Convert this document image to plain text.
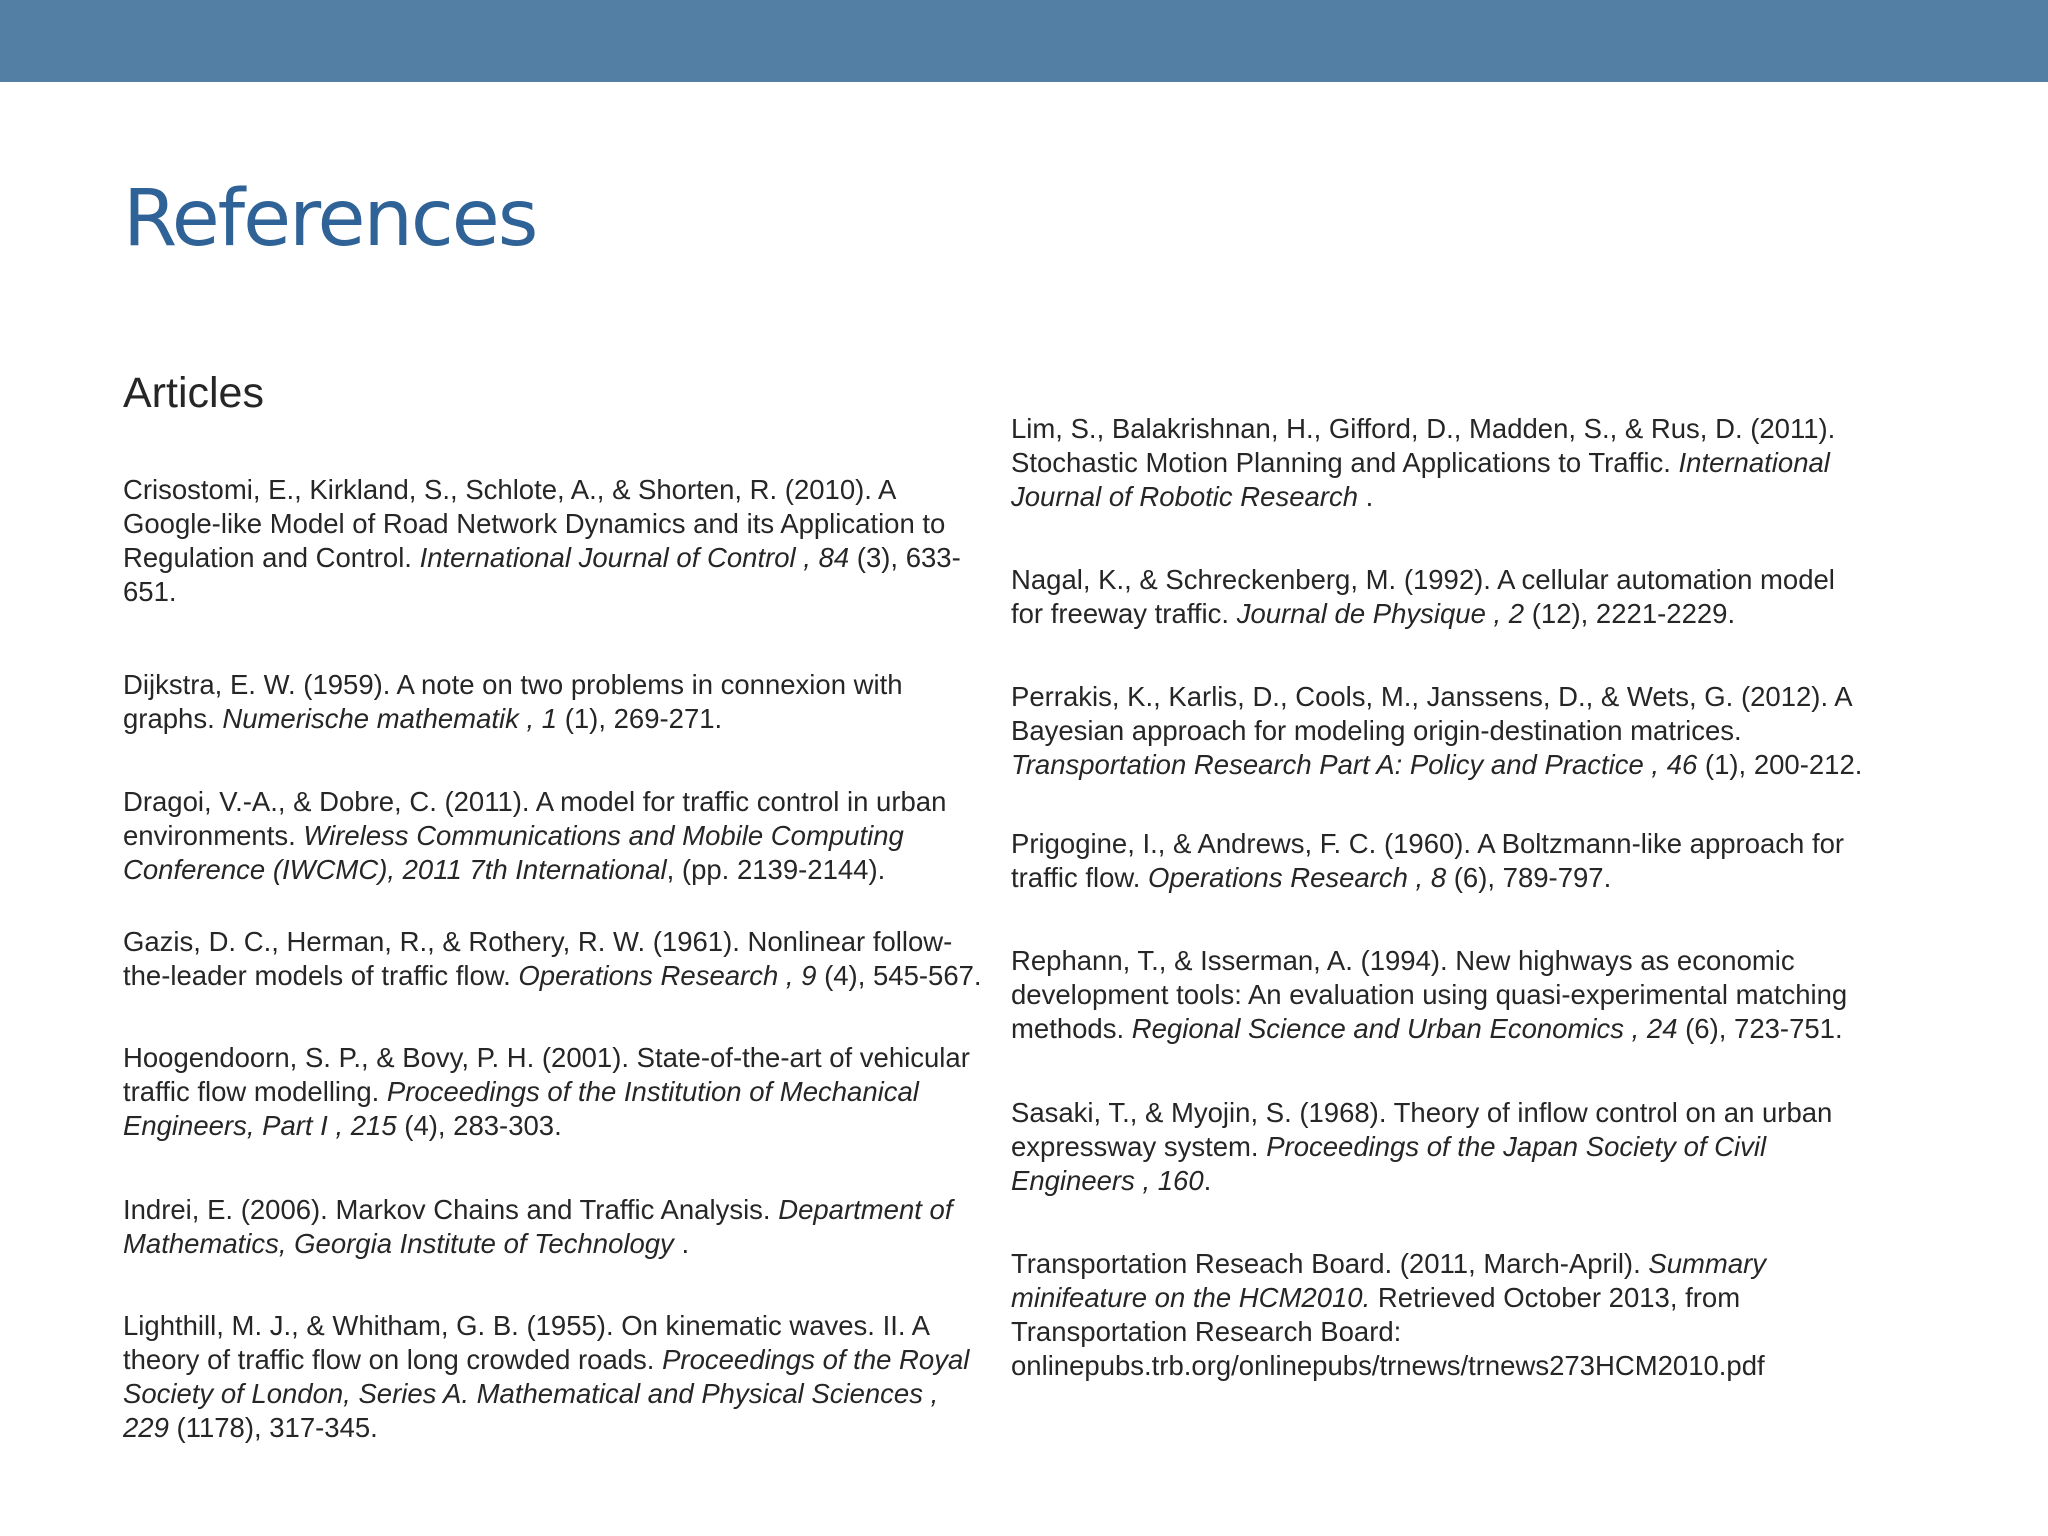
References
Articles

Crisostomi, E., Kirkland, S., Schlote, A., & Shorten, R. (2010). A
Google-like Model of Road Network Dynamics and its Application to
Regulation and Control. International Journal of Control , 84 (3), 633-
651.

Dijkstra, E. W. (1959). A note on two problems in connexion with
graphs. Numerische mathematik , 1 (1), 269-271.

Dragoi, V.-A., & Dobre, C. (2011). A model for traffic control in urban
environments. Wireless Communications and Mobile Computing
Conference (IWCMC), 2011 7th International, (pp. 2139-2144).

Gazis, D. C., Herman, R., & Rothery, R. W. (1961). Nonlinear follow-
the-leader models of traffic flow. Operations Research , 9 (4), 545-567.

Hoogendoorn, S. P., & Bovy, P. H. (2001). State-of-the-art of vehicular
traffic flow modelling. Proceedings of the Institution of Mechanical
Engineers, Part I , 215 (4), 283-303.

Indrei, E. (2006). Markov Chains and Traffic Analysis. Department of
Mathematics, Georgia Institute of Technology .

Lighthill, M. J., & Whitham, G. B. (1955). On kinematic waves. II. A
theory of traffic flow on long crowded roads. Proceedings of the Royal
Society of London, Series A. Mathematical and Physical Sciences ,
229 (1178), 317-345.

Lim, S., Balakrishnan, H., Gifford, D., Madden, S., & Rus, D. (2011).
Stochastic Motion Planning and Applications to Traffic. International
Journal of Robotic Research .

Nagal, K., & Schreckenberg, M. (1992). A cellular automation model
for freeway traffic. Journal de Physique , 2 (12), 2221-2229.

Perrakis, K., Karlis, D., Cools, M., Janssens, D., & Wets, G. (2012). A
Bayesian approach for modeling origin-destination matrices.
Transportation Research Part A: Policy and Practice , 46 (1), 200-212.

Prigogine, I., & Andrews, F. C. (1960). A Boltzmann-like approach for
traffic flow. Operations Research , 8 (6), 789-797.

Rephann, T., & Isserman, A. (1994). New highways as economic
development tools: An evaluation using quasi-experimental matching
methods. Regional Science and Urban Economics , 24 (6), 723-751.

Sasaki, T., & Myojin, S. (1968). Theory of inflow control on an urban
expressway system. Proceedings of the Japan Society of Civil
Engineers , 160.

Transportation Reseach Board. (2011, March-April). Summary
minifeature on the HCM2010. Retrieved October 2013, from
Transportation Research Board:
onlinepubs.trb.org/onlinepubs/trnews/trnews273HCM2010.pdf
